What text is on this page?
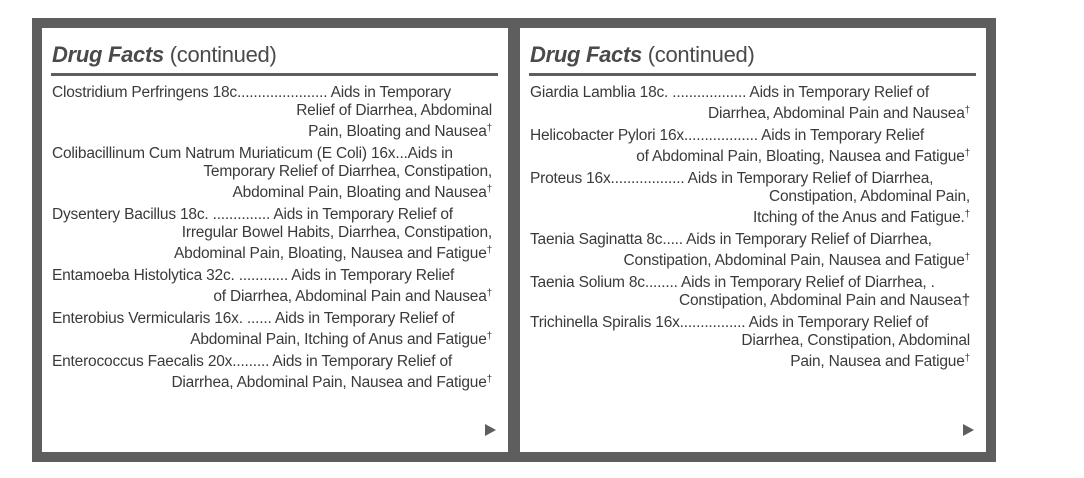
Drug Facts (continued)
Clostridium Perfringens 18c...................... Aids in Temporary
Relief of Diarrhea, Abdominal
Pain, Bloating and Nausea†
Colibacillinum Cum Natrum Muriaticum (E Coli) 16x...Aids in
Temporary Relief of Diarrhea, Constipation,
Abdominal Pain, Bloating and Nausea†
Dysentery Bacillus 18c. .............. Aids in Temporary Relief of
Irregular Bowel Habits, Diarrhea, Constipation,
Abdominal Pain, Bloating, Nausea and Fatigue†
Entamoeba Histolytica 32c. ............ Aids in Temporary Relief
of Diarrhea, Abdominal Pain and Nausea†
Enterobius Vermicularis 16x. ...... Aids in Temporary Relief of
Abdominal Pain, Itching of Anus and Fatigue†
Enterococcus Faecalis 20x......... Aids in Temporary Relief of
Diarrhea, Abdominal Pain, Nausea and Fatigue†
Drug Facts (continued)
Giardia Lamblia 18c. .................. Aids in Temporary Relief of
Diarrhea, Abdominal Pain and Nausea†
Helicobacter Pylori 16x.................. Aids in Temporary Relief
of Abdominal Pain, Bloating, Nausea and Fatigue†
Proteus 16x.................. Aids in Temporary Relief of Diarrhea,
Constipation, Abdominal Pain,
Itching of the Anus and Fatigue.†
Taenia Saginatta 8c..... Aids in Temporary Relief of Diarrhea,
Constipation, Abdominal Pain, Nausea and Fatigue†
Taenia Solium 8c........ Aids in Temporary Relief of Diarrhea, .
Constipation, Abdominal Pain and Nausea†
Trichinella Spiralis 16x................ Aids in Temporary Relief of
Diarrhea, Constipation, Abdominal
Pain, Nausea and Fatigue†
